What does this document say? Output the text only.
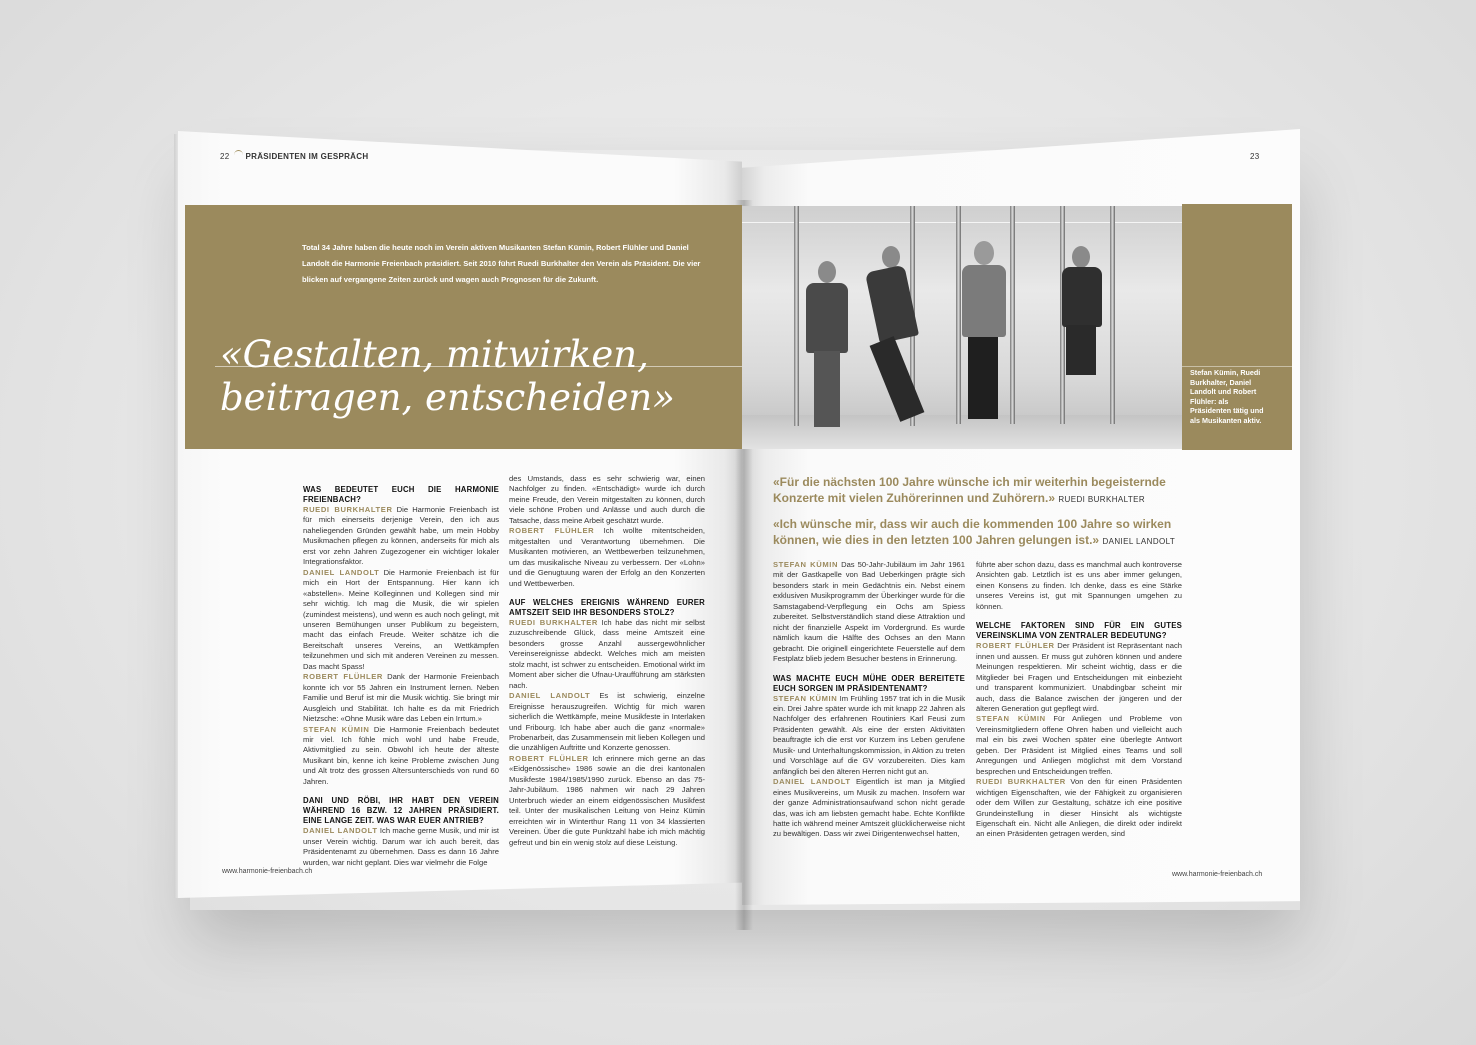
22 PRÄSIDENTEN IM GESPRÄCH	23
Total 34 Jahre haben die heute noch im Verein aktiven Musikanten Stefan Kümin, Robert Flühler und Daniel Landolt die Harmonie Freienbach präsidiert. Seit 2010 führt Ruedi Burkhalter den Verein als Präsident. Die vier blicken auf vergangene Zeiten zurück und wagen auch Prognosen für die Zukunft.
«Gestalten, mitwirken,
beitragen, entscheiden»
Stefan Kümin, Ruedi Burkhalter, Daniel Landolt und Robert Flühler: als Präsidenten tätig und als Musikanten aktiv.
WAS BEDEUTET EUCH DIE HARMONIE FREIENBACH?

RUEDI BURKHALTER Die Harmonie Freienbach ist für mich einerseits derjenige Verein, den ich aus naheliegenden Gründen gewählt habe, um mein Hobby Musikmachen pflegen zu können, anderseits für mich als erst vor zehn Jahren Zugezogener ein wichtiger lokaler Integrationsfaktor.

DANIEL LANDOLT Die Harmonie Freienbach ist für mich ein Hort der Entspannung. Hier kann ich «abstellen». Meine Kolleginnen und Kollegen sind mir sehr wichtig. Ich mag die Musik, die wir spielen (zumindest meistens), und wenn es auch noch gelingt, mit unseren Bemühungen unser Publikum zu begeistern, macht das einfach Freude. Weiter schätze ich die Bereitschaft unseres Vereins, an Wettkämpfen teilzunehmen und sich mit anderen Vereinen zu messen. Das macht Spass!

ROBERT FLÜHLER Dank der Harmonie Freienbach konnte ich vor 55 Jahren ein Instrument lernen. Neben Familie und Beruf ist mir die Musik wichtig. Sie bringt mir Ausgleich und Stabilität. Ich halte es da mit Friedrich Nietzsche: «Ohne Musik wäre das Leben ein Irrtum.»

STEFAN KÜMIN Die Harmonie Freienbach bedeutet mir viel. Ich fühle mich wohl und habe Freude, Aktivmitglied zu sein. Obwohl ich heute der älteste Musikant bin, kenne ich keine Probleme zwischen Jung und Alt trotz des grossen Altersunterschieds von rund 60 Jahren.

DANI UND RÖBI, IHR HABT DEN VEREIN WÄHREND 16 BZW. 12 JAHREN PRÄSIDIERT. EINE LANGE ZEIT. WAS WAR EUER ANTRIEB?

DANIEL LANDOLT Ich mache gerne Musik, und mir ist unser Verein wichtig. Darum war ich auch bereit, das Präsidentenamt zu übernehmen. Dass es dann 16 Jahre wurden, war nicht geplant. Dies war vielmehr die Folge

des Umstands, dass es sehr schwierig war, einen Nachfolger zu finden. «Entschädigt» wurde ich durch meine Freude, den Verein mitgestalten zu können, durch viele schöne Proben und Anlässe und auch durch die Tatsache, dass meine Arbeit geschätzt wurde.

ROBERT FLÜHLER Ich wollte mitentscheiden, mitgestalten und Verantwortung übernehmen. Die Musikanten motivieren, an Wettbewerben teilzunehmen, um das musikalische Niveau zu verbessern. Der «Lohn» und die Genugtuung waren der Erfolg an den Konzerten und Wettbewerben.

AUF WELCHES EREIGNIS WÄHREND EURER AMTSZEIT SEID IHR BESONDERS STOLZ?

RUEDI BURKHALTER Ich habe das nicht mir selbst zuzuschreibende Glück, dass meine Amtszeit eine besonders grosse Anzahl aussergewöhnlicher Vereinsereignisse abdeckt. Welches mich am meisten stolz macht, ist schwer zu entscheiden. Emotional wirkt im Moment aber sicher die Ufnau-Uraufführung am stärksten nach.

DANIEL LANDOLT Es ist schwierig, einzelne Ereignisse herauszugreifen. Wichtig für mich waren sicherlich die Wettkämpfe, meine Musikfeste in Interlaken und Fribourg. Ich habe aber auch die ganz «normale» Probenarbeit, das Zusammensein mit lieben Kollegen und die unzähligen Auftritte und Konzerte genossen.

ROBERT FLÜHLER Ich erinnere mich gerne an das «Eidgenössische» 1986 sowie an die drei kantonalen Musikfeste 1984/1985/1990 zurück. Ebenso an das 75-Jahr-Jubiläum. 1986 nahmen wir nach 29 Jahren Unterbruch wieder an einem eidgenössischen Musikfest teil. Unter der musikalischen Leitung von Heinz Kümin erreichten wir in Winterthur Rang 11 von 34 klassierten Vereinen. Über die gute Punktzahl habe ich mich mächtig gefreut und bin ein wenig stolz auf diese Leistung.

www.harmonie-freienbach.ch
«Für die nächsten 100 Jahre wünsche ich mir weiterhin begeisternde Konzerte mit vielen Zuhörerinnen und Zuhörern.» RUEDI BURKHALTER
«Ich wünsche mir, dass wir auch die kommenden 100 Jahre so wirken können, wie dies in den letzten 100 Jahren gelungen ist.» DANIEL LANDOLT

STEFAN KÜMIN Das 50-Jahr-Jubiläum im Jahr 1961 mit der Gastkapelle von Bad Ueberkingen prägte sich besonders stark in mein Gedächtnis ein. Nebst einem exklusiven Musikprogramm der Überkinger wurde für die Samstagabend-Verpflegung ein Ochs am Spiess zubereitet. Selbstverständlich stand diese Attraktion und nicht der finanzielle Aspekt im Vordergrund. Es wurde nämlich kaum die Hälfte des Ochses an den Mann gebracht. Die originell eingerichtete Feuerstelle auf dem Festplatz blieb jedem Besucher bestens in Erinnerung.

WAS MACHTE EUCH MÜHE ODER BEREITETE EUCH SORGEN IM PRÄSIDENTENAMT?

STEFAN KÜMIN Im Frühling 1957 trat ich in die Musik ein. Drei Jahre später wurde ich mit knapp 22 Jahren als Nachfolger des erfahrenen Routiniers Karl Feusi zum Präsidenten gewählt. Als eine der ersten Aktivitäten beauftragte ich die erst vor Kurzem ins Leben gerufene Musik- und Unterhaltungskommission, in Aktion zu treten und Vorschläge auf die GV vorzubereiten. Dies kam anfänglich bei den älteren Herren nicht gut an.

DANIEL LANDOLT Eigentlich ist man ja Mitglied eines Musikvereins, um Musik zu machen. Insofern war der ganze Administrationsaufwand schon nicht gerade das, was ich am liebsten gemacht habe. Echte Konflikte hatte ich während meiner Amtszeit glücklicherweise nicht zu bewältigen. Dass wir zwei Dirigentenwechsel hatten,

führte aber schon dazu, dass es manchmal auch kontroverse Ansichten gab. Letztlich ist es uns aber immer gelungen, einen Konsens zu finden. Ich denke, dass es eine Stärke unseres Vereins ist, gut mit Spannungen umgehen zu können.

WELCHE FAKTOREN SIND FÜR EIN GUTES VEREINSKLIMA VON ZENTRALER BEDEUTUNG?

ROBERT FLÜHLER Der Präsident ist Repräsentant nach innen und aussen. Er muss gut zuhören können und andere Meinungen respektieren. Mir scheint wichtig, dass er die Mitglieder bei Fragen und Entscheidungen mit einbezieht und transparent kommuniziert. Unabdingbar scheint mir auch, dass die Balance zwischen der jüngeren und der älteren Generation gut gepflegt wird.

STEFAN KÜMIN Für Anliegen und Probleme von Vereinsmitgliedern offene Ohren haben und vielleicht auch mal ein bis zwei Wochen später eine überlegte Antwort geben. Der Präsident ist Mitglied eines Teams und soll Anregungen und Anliegen möglichst mit dem Vorstand besprechen und Entscheidungen treffen.

RUEDI BURKHALTER Von den für einen Präsidenten wichtigen Eigenschaften, wie der Fähigkeit zu organisieren oder dem Willen zur Gestaltung, schätze ich eine positive Grundeinstellung in dieser Hinsicht als wichtigste Eigenschaft ein. Nicht alle Anliegen, die direkt oder indirekt an einen Präsidenten getragen werden, sind

www.harmonie-freienbach.ch
